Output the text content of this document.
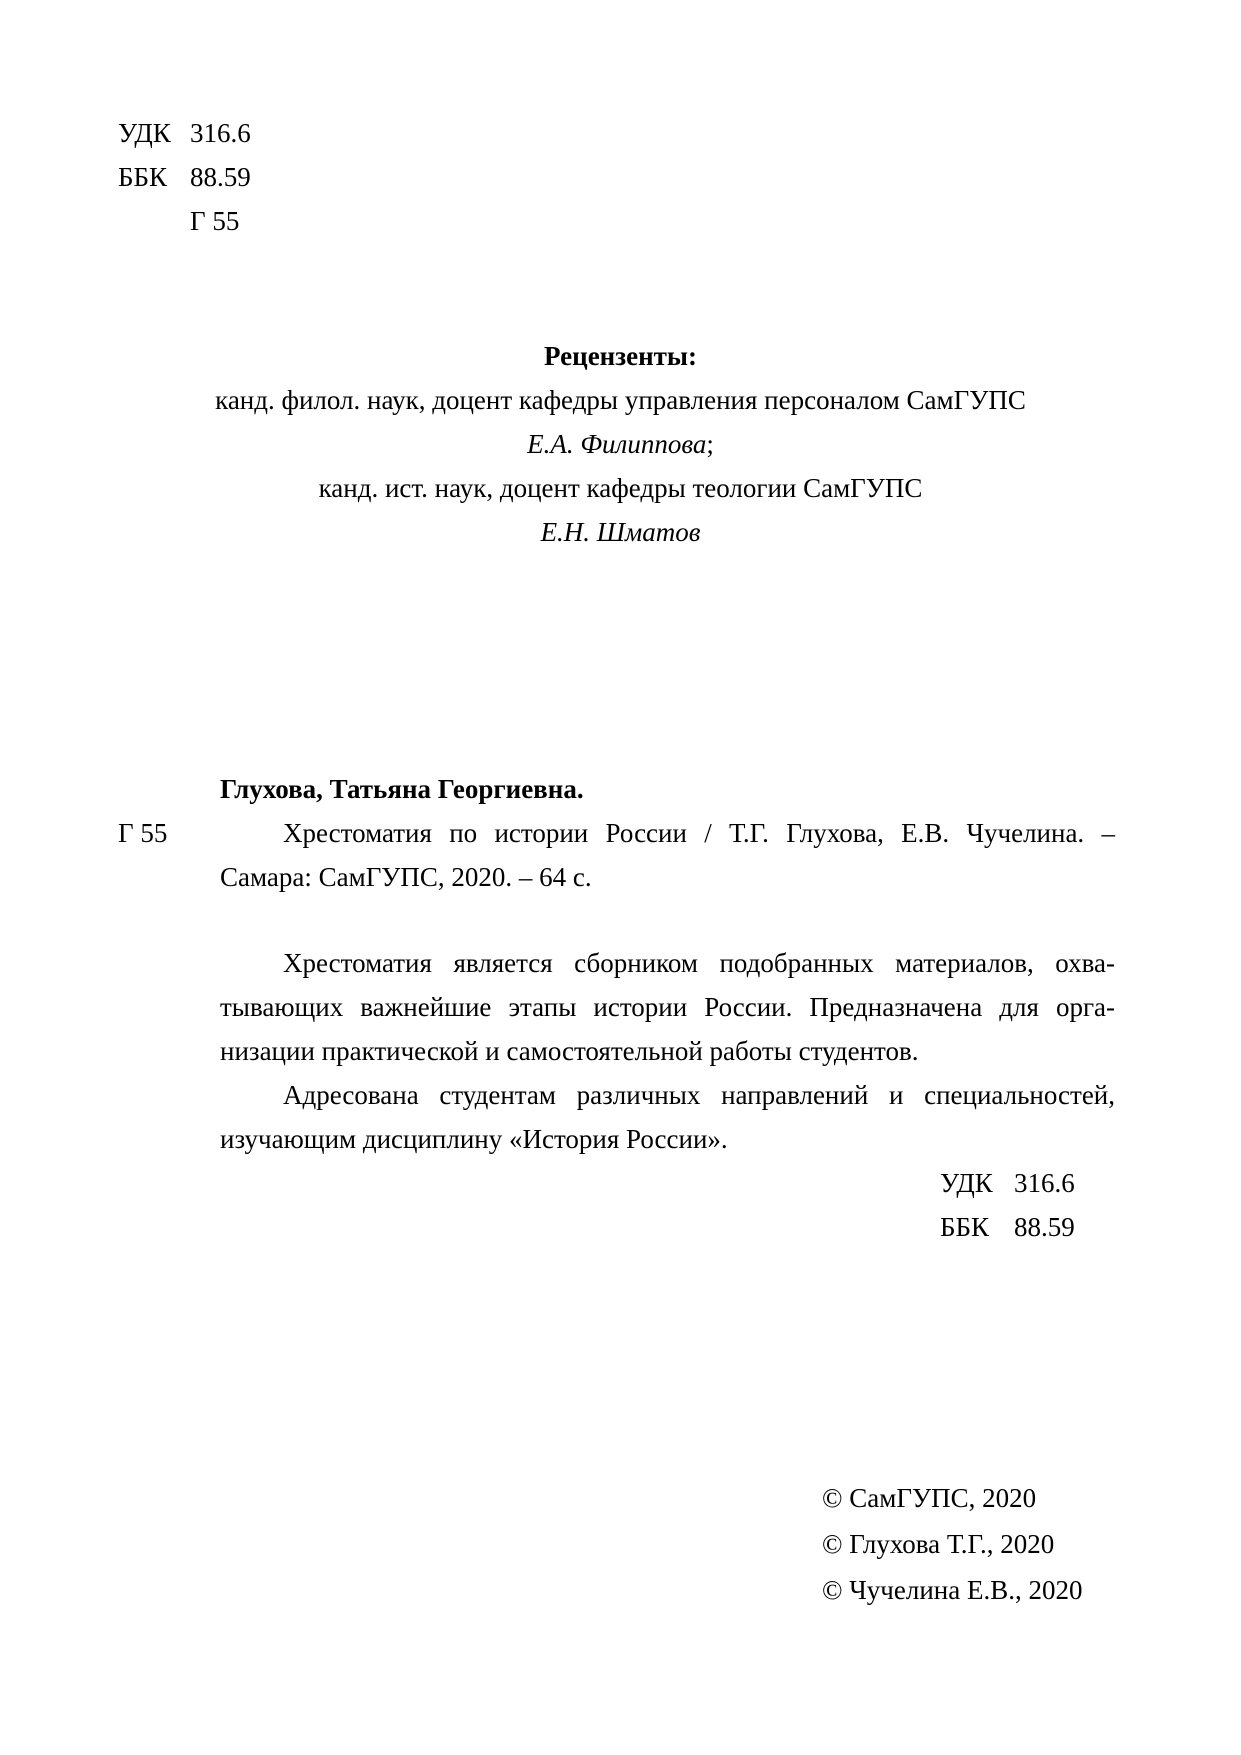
УДК 316.6
ББК 88.59
Г 55
Рецензенты:
канд. филол. наук, доцент кафедры управления персоналом СамГУПС
Е.А. Филиппова;
канд. ист. наук, доцент кафедры теологии СамГУПС
Е.Н. Шматов
Глухова, Татьяна Георгиевна.
Г 55	Хрестоматия по истории России / Т.Г. Глухова, Е.В. Чучелина. –
Самара: СамГУПС, 2020. – 64 с.
Хрестоматия является сборником подобранных материалов, охва-
тывающих важнейшие этапы истории России. Предназначена для орга-
низации практической и самостоятельной работы студентов.
Адресована студентам различных направлений и специальностей,
изучающим дисциплину «История России».
УДК 316.6
ББК 88.59
© СамГУПС, 2020
© Глухова Т.Г., 2020
© Чучелина Е.В., 2020
